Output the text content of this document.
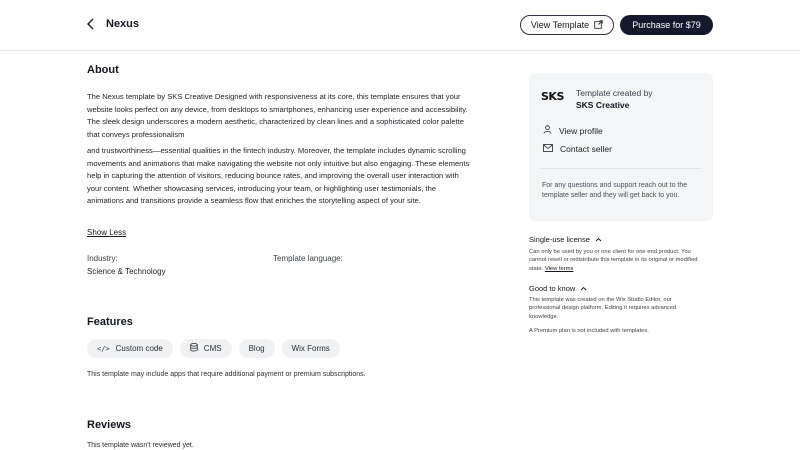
Nexus	View Template	Purchase for $79
About
The Nexus template by SKS Creative Designed with responsiveness at its core, this template ensures that your website looks perfect on any device, from desktops to smartphones, enhancing user experience and accessibility. The sleek design underscores a modern aesthetic, characterized by clean lines and a sophisticated color palette that conveys professionalism
and trustworthiness—essential qualities in the fintech industry. Moreover, the template includes dynamic scrolling movements and animations that make navigating the website not only intuitive but also engaging. These elements help in capturing the attention of visitors, reducing bounce rates, and improving the overall user interaction with your content. Whether showcasing services, introducing your team, or highlighting user testimonials, the animations and transitions provide a seamless flow that enriches the storytelling aspect of your site.
Show Less
Industry:
Science & Technology
Template language:
Features
</> Custom code	CMS	Blog	Wix Forms
This template may include apps that require additional payment or premium subscriptions.
Reviews
This template wasn't reviewed yet.
SKS	Template created by
SKS Creative
View profile
Contact seller
For any questions and support reach out to the template seller and they will get back to you.
Single-use license
Can only be used by you or one client for one end product. You cannot resell or redistribute this template in its original or modified state. View terms
Good to know
This template was created on the Wix Studio Editor, our professional design platform. Editing it requires advanced knowledge.
A Premium plan is not included with templates.
